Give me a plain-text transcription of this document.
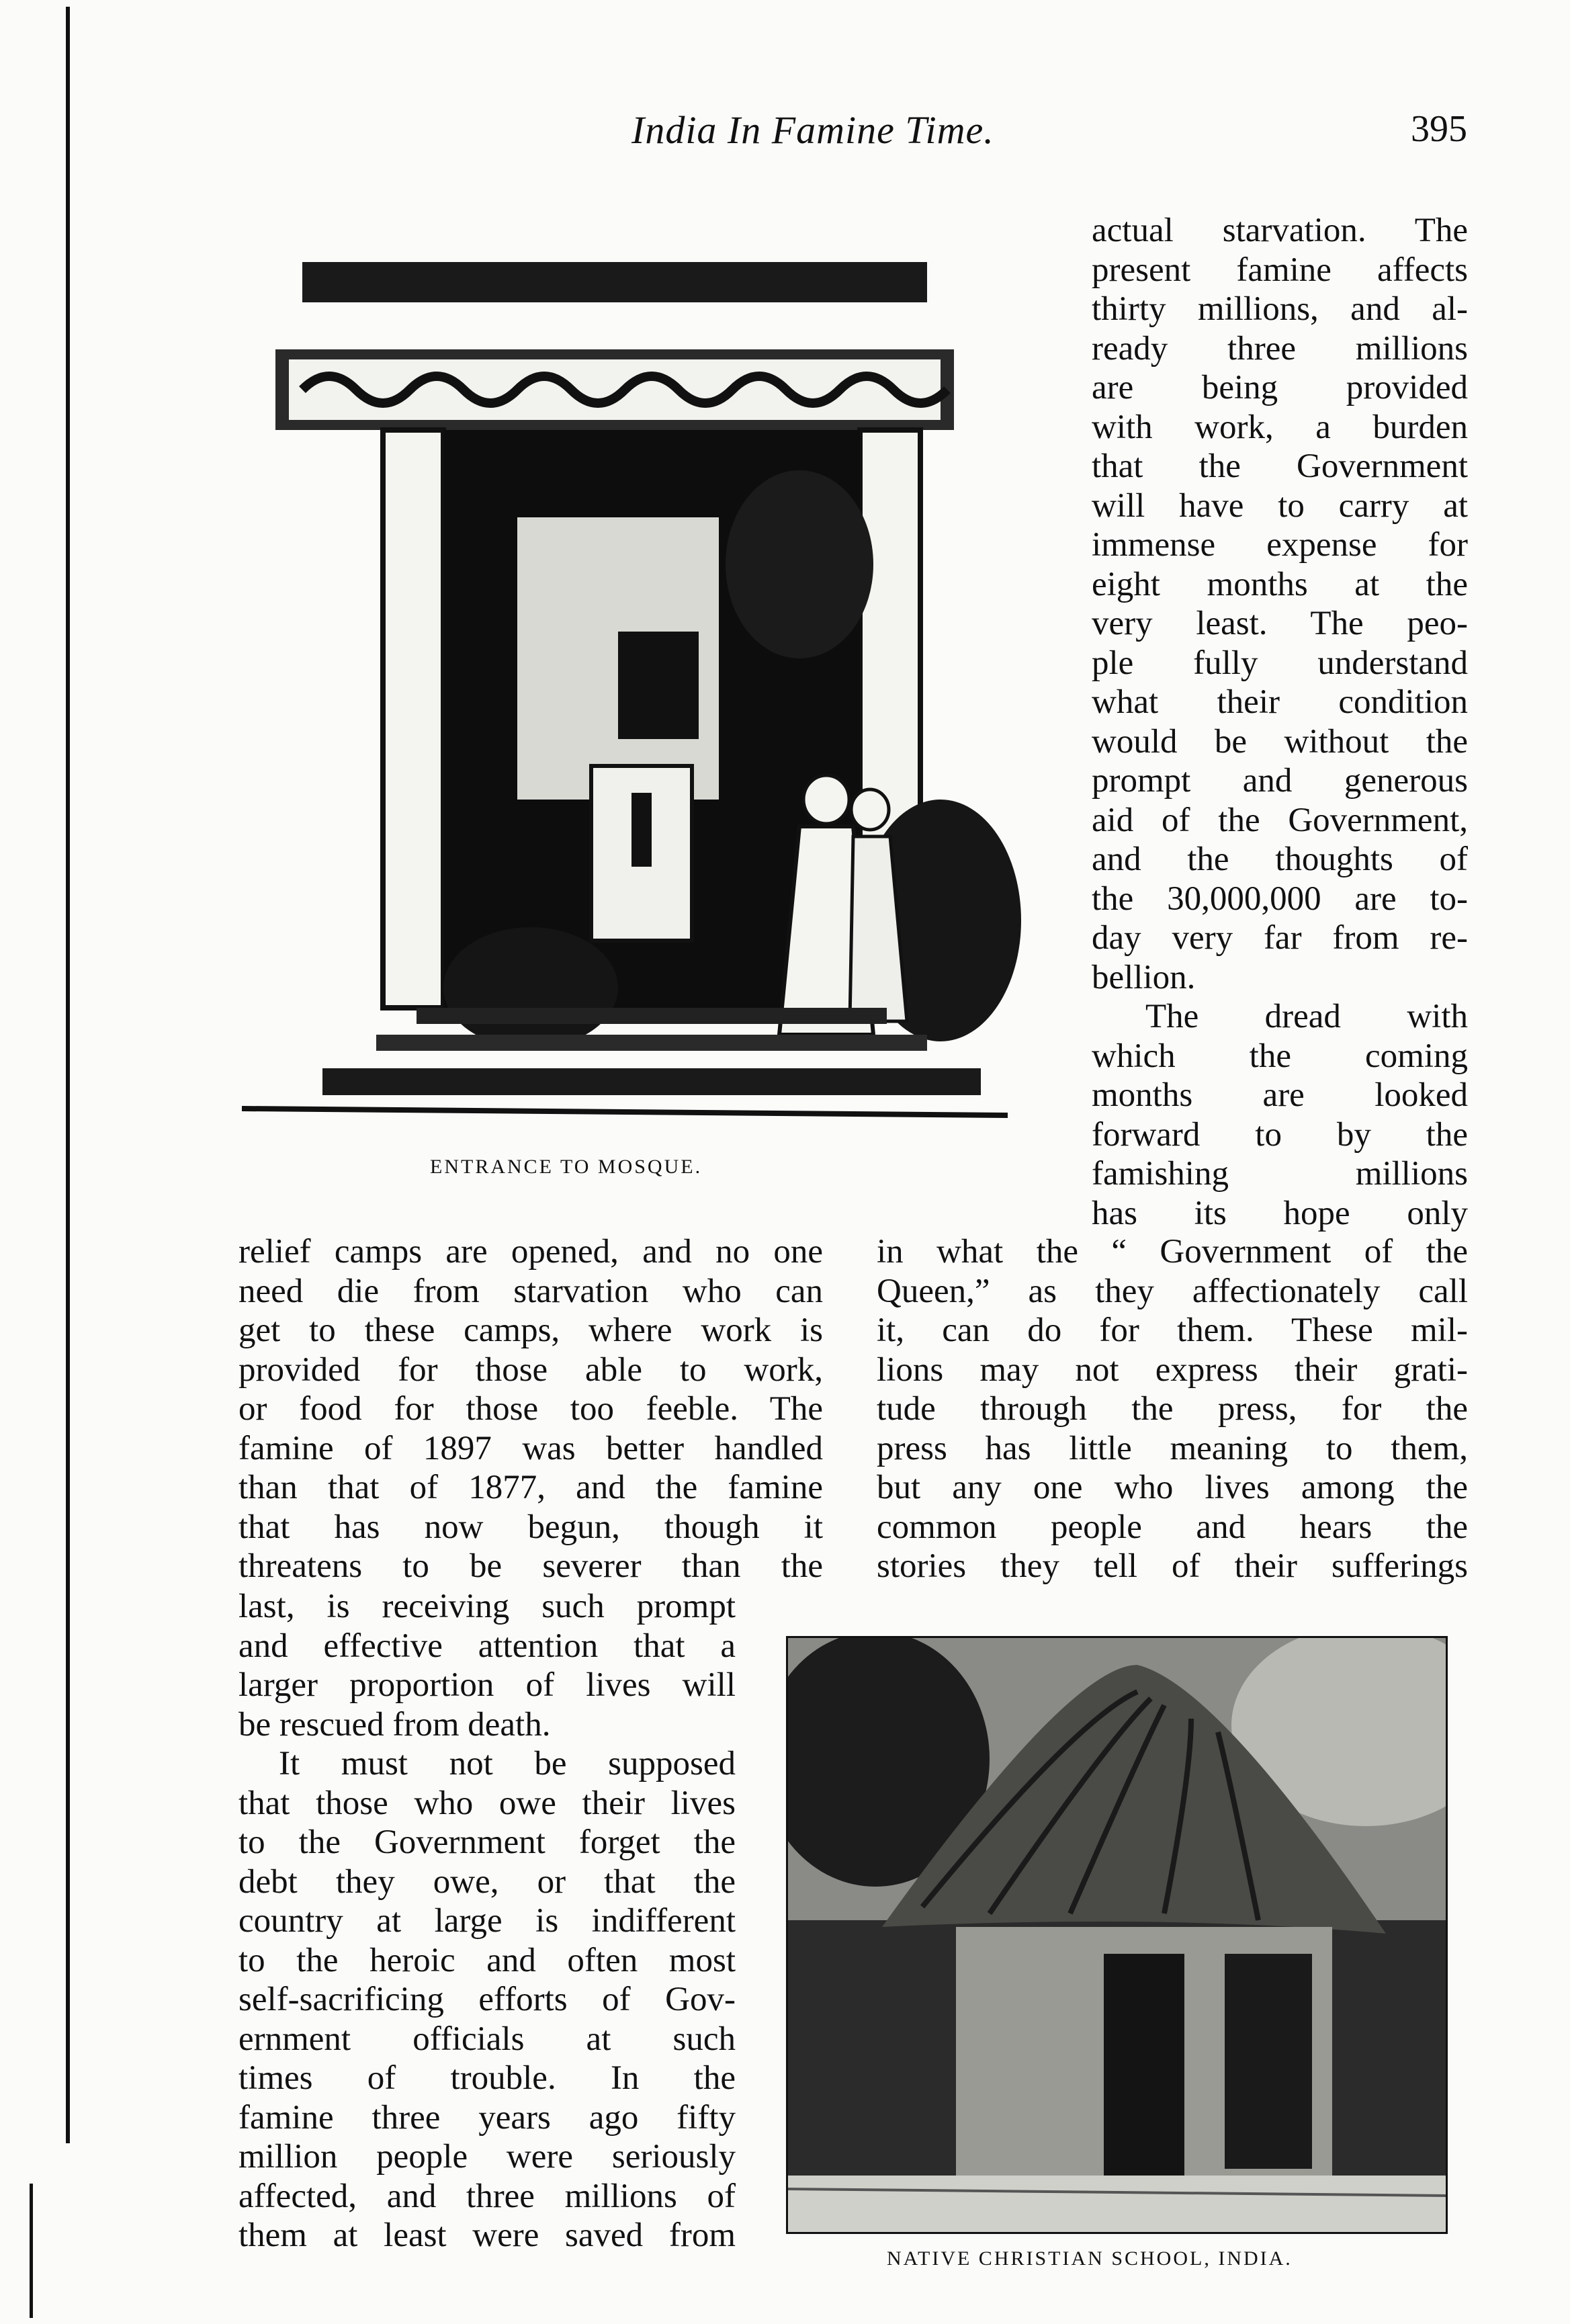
India In Famine Time.	395
ENTRANCE TO MOSQUE.
actual starvation. The
present famine affects
thirty millions, and al-
ready three millions
are being provided
with work, a burden
that the Government
will have to carry at
immense expense for
eight months at the
very least. The peo-
ple fully understand
what their condition
would be without the
prompt and generous
aid of the Government,
and the thoughts of
the 30,000,000 are to-
day very far from re-
bellion.
The dread with
which the coming
months are looked
forward to by the
famishing millions
has its hope only
relief camps are opened, and no one
need die from starvation who can
get to these camps, where work is
provided for those able to work,
or food for those too feeble. The
famine of 1897 was better handled
than that of 1877, and the famine
that has now begun, though it
threatens to be severer than the
in what the “ Government of the
Queen,” as they affectionately call
it, can do for them. These mil-
lions may not express their grati-
tude through the press, for the
press has little meaning to them,
but any one who lives among the
common people and hears the
stories they tell of their sufferings
last, is receiving such prompt
and effective attention that a
larger proportion of lives will
be rescued from death.
It must not be supposed
that those who owe their lives
to the Government forget the
debt they owe, or that the
country at large is indifferent
to the heroic and often most
self-sacrificing efforts of Gov-
ernment officials at such
times of trouble. In the
famine three years ago fifty
million people were seriously
affected, and three millions of
them at least were saved from
NATIVE CHRISTIAN SCHOOL, INDIA.
